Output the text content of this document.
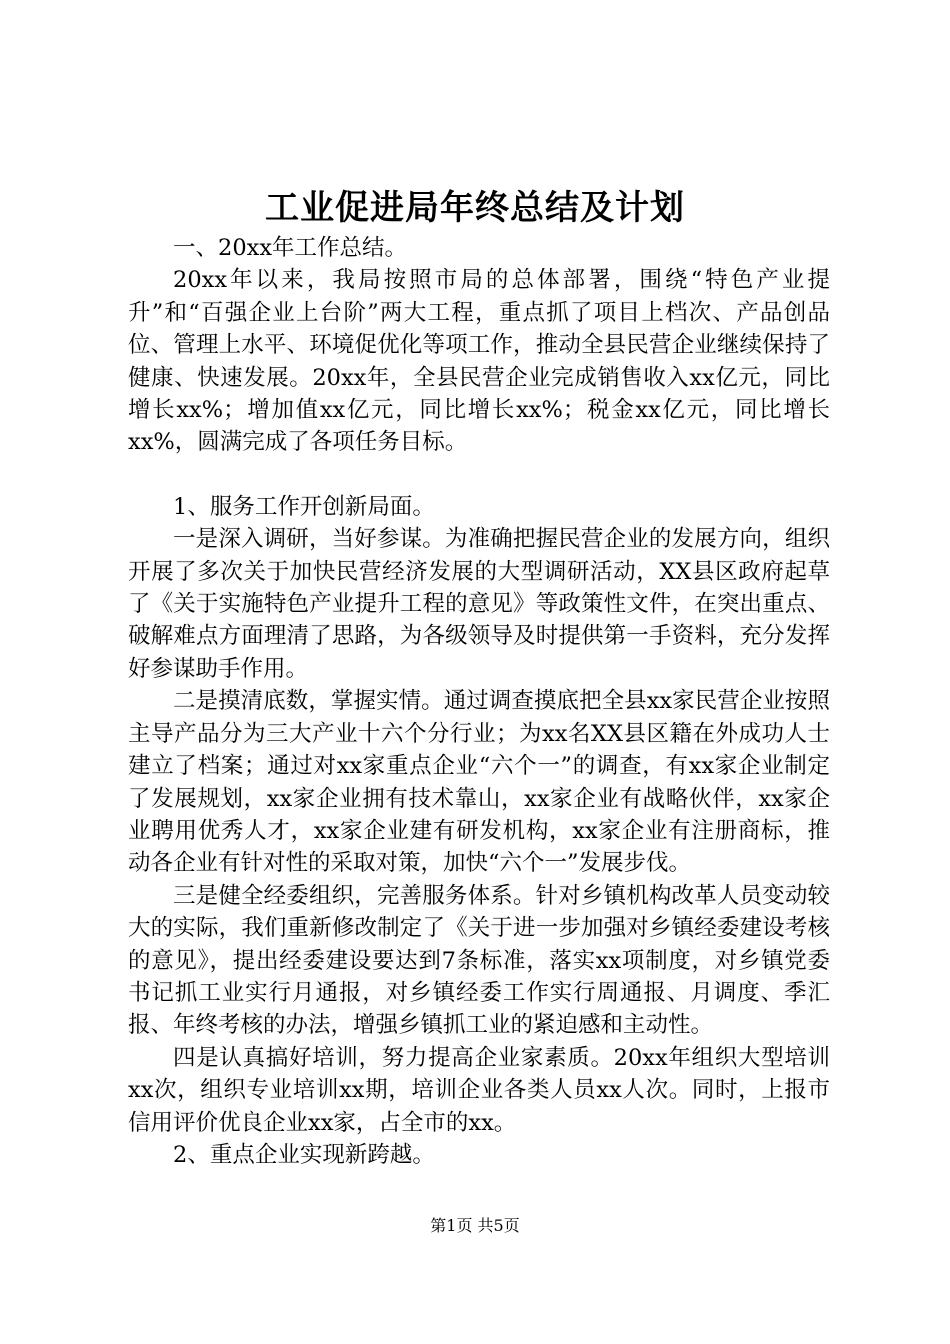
工业促进局年终总结及计划

一、20xx年工作总结。

20xx年以来，我局按照市局的总体部署，围绕“特色产业提升”和“百强企业上台阶”两大工程，重点抓了项目上档次、产品创品位、管理上水平、环境促优化等项工作，推动全县民营企业继续保持了健康、快速发展。20xx年，全县民营企业完成销售收入xx亿元，同比增长xx%；增加值xx亿元，同比增长xx%；税金xx亿元，同比增长xx%，圆满完成了各项任务目标。

1、服务工作开创新局面。

一是深入调研，当好参谋。为准确把握民营企业的发展方向，组织开展了多次关于加快民营经济发展的大型调研活动，XX县区政府起草了《关于实施特色产业提升工程的意见》等政策性文件，在突出重点、破解难点方面理清了思路，为各级领导及时提供第一手资料，充分发挥好参谋助手作用。

二是摸清底数，掌握实情。通过调查摸底把全县xx家民营企业按照主导产品分为三大产业十六个分行业；为xx名XX县区籍在外成功人士建立了档案；通过对xx家重点企业“六个一”的调查，有xx家企业制定了发展规划，xx家企业拥有技术靠山，xx家企业有战略伙伴，xx家企业聘用优秀人才，xx家企业建有研发机构，xx家企业有注册商标，推动各企业有针对性的采取对策，加快“六个一”发展步伐。

三是健全经委组织，完善服务体系。针对乡镇机构改革人员变动较大的实际，我们重新修改制定了《关于进一步加强对乡镇经委建设考核的意见》，提出经委建设要达到7条标准，落实xx项制度，对乡镇党委书记抓工业实行月通报，对乡镇经委工作实行周通报、月调度、季汇报、年终考核的办法，增强乡镇抓工业的紧迫感和主动性。

四是认真搞好培训，努力提高企业家素质。20xx年组织大型培训xx次，组织专业培训xx期，培训企业各类人员xx人次。同时，上报市信用评价优良企业xx家，占全市的xx。

2、重点企业实现新跨越。

第1页 共5页
